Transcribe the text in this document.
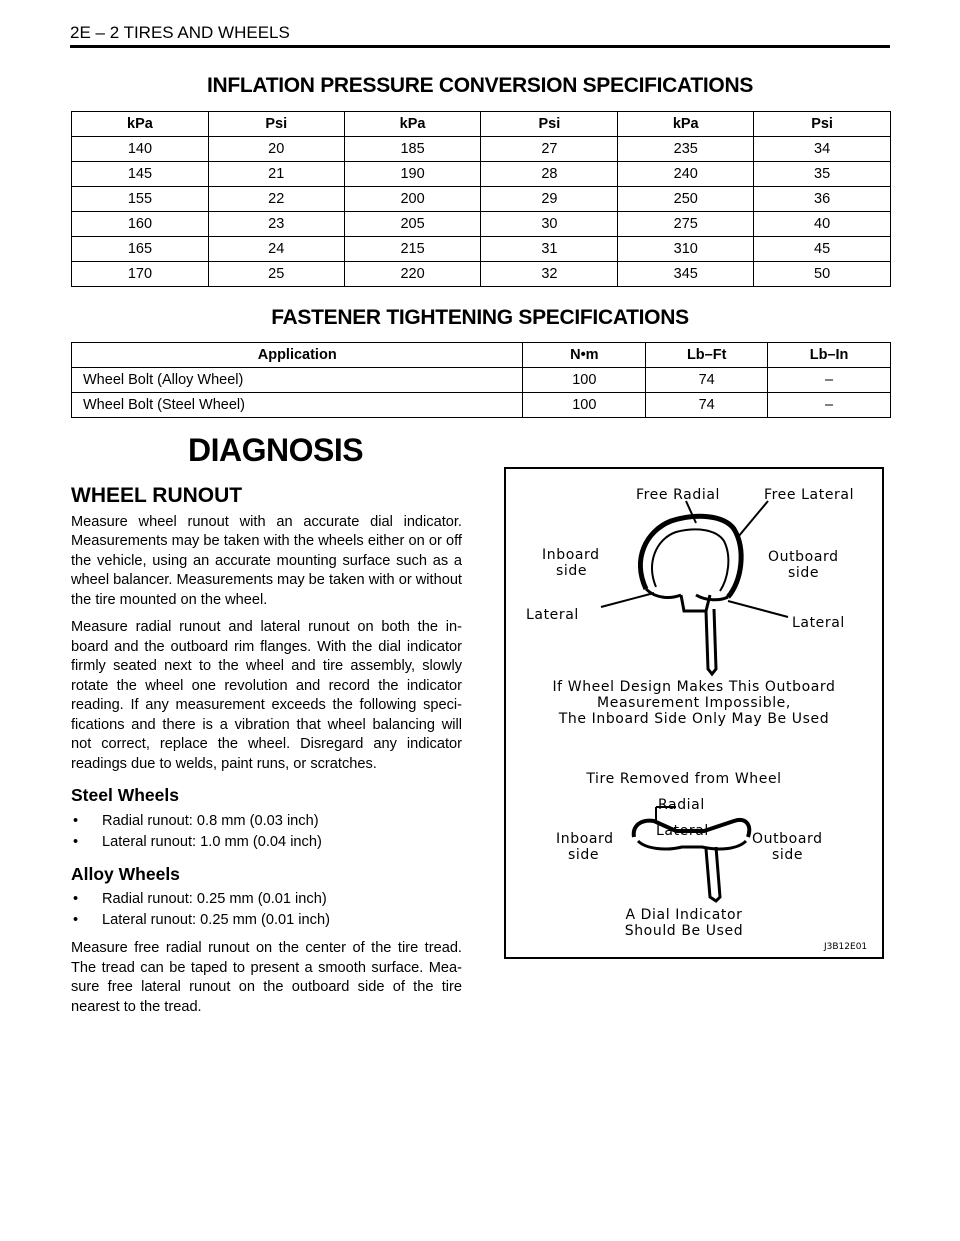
2E – 2 TIRES AND WHEELS
INFLATION PRESSURE CONVERSION SPECIFICATIONS
kPa	Psi	kPa	Psi	kPa	Psi
140	20	185	27	235	34
145	21	190	28	240	35
155	22	200	29	250	36
160	23	205	30	275	40
165	24	215	31	310	45
170	25	220	32	345	50
FASTENER TIGHTENING SPECIFICATIONS
Application	N•m	Lb–Ft	Lb–In
Wheel Bolt (Alloy Wheel)	100	74	–
Wheel Bolt (Steel Wheel)	100	74	–
DIAGNOSIS
WHEEL RUNOUT

Measure wheel runout with an accurate dial indicator. Measurements may be taken with the wheels either on or off the vehicle, using an accurate mounting surface such as a wheel balancer. Measurements may be taken with or without the tire mounted on the wheel.

Measure radial runout and lateral runout on both the in-board and the outboard rim flanges. With the dial indicator firmly seated next to the wheel and tire assembly, slowly rotate the wheel one revolution and record the indicator reading. If any measurement exceeds the following speci-fications and there is a vibration that wheel balancing will not correct, replace the wheel. Disregard any indicator readings due to welds, paint runs, or scratches.

Steel Wheels
• Radial runout: 0.8 mm (0.03 inch)
• Lateral runout: 1.0 mm (0.04 inch)
Alloy Wheels
• Radial runout: 0.25 mm (0.01 inch)
• Lateral runout: 0.25 mm (0.01 inch)

Measure free radial runout on the center of the tire tread. The tread can be taped to present a smooth surface. Mea-sure free lateral runout on the outboard side of the tire nearest to the tread.

Free Radial	Free Lateral
Inboard
side
Outboard
side
Lateral	Lateral
If Wheel Design Makes This Outboard
Measurement Impossible,
The Inboard Side Only May Be Used
Tire Removed from Wheel
Radial
Lateral
Inboard
side
Outboard
side
A Dial Indicator
Should Be Used
J3B12E01
